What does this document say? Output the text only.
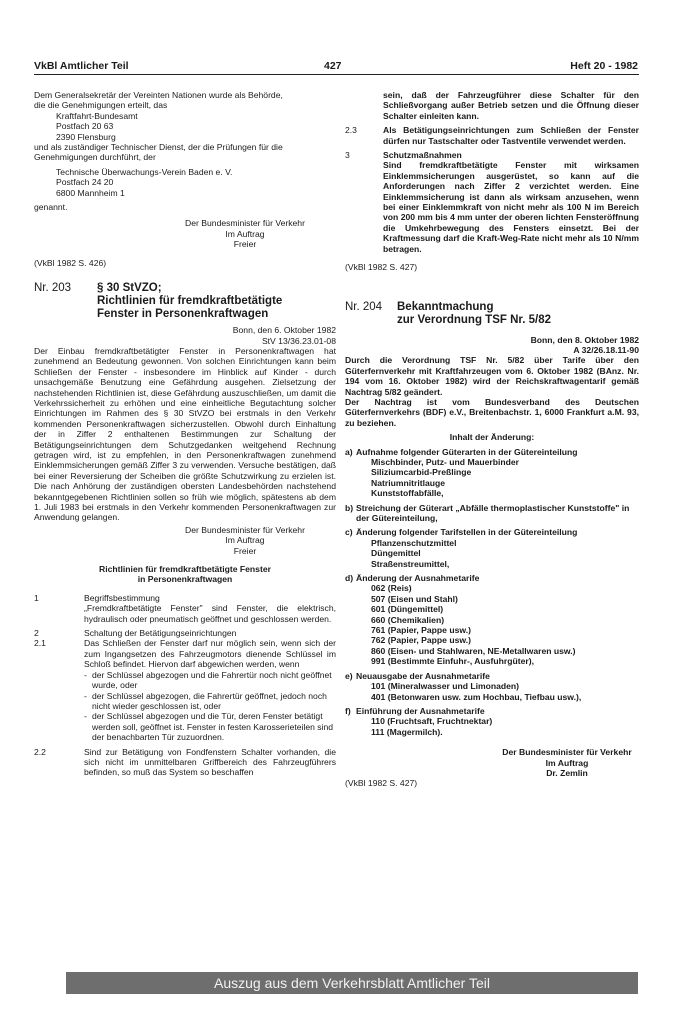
VkBl Amtlicher Teil	427	Heft 20 - 1982

Dem Generalsekretär der Vereinten Nationen wurde als Behörde,

die die Genehmigungen erteilt, das

Kraftfahrt-Bundesamt

Postfach 20 63

2390 Flensburg

und als zuständiger Technischer Dienst, der die Prüfungen für die

Genehmigungen durchführt, der

Technische Überwachungs-Verein Baden e. V.

Postfach 24 20

6800 Mannheim 1

genannt.

Der Bundesminister für Verkehr

Im Auftrag

Freier

(VkBl 1982 S. 426)

Nr. 203 § 30 StVZO;
Richtlinien für fremdkraftbetätigte
Fenster in Personenkraftwagen

Bonn, den 6. Oktober 1982

StV 13/36.23.01-08

Der Einbau fremdkraftbetätigter Fenster in Personenkraftwagen hat zunehmend an Bedeutung gewonnen. Von solchen Einrichtungen kann beim Schließen der Fenster - insbesondere im Hinblick auf Kinder - durch unsachgemäße Benutzung eine Gefährdung ausgehen. Zielsetzung der nachstehenden Richtlinien ist, diese Gefährdung auszuschließen, um damit die Verkehrssicherheit zu erhöhen und eine einheitliche Begutachtung solcher Einrichtungen im Rahmen des § 30 StVZO bei erstmals in den Verkehr kommenden Personenkraftwagen sicherzustellen. Obwohl durch Einhaltung der in Ziffer 2 enthaltenen Bestimmungen zur Schaltung der Betätigungseinrichtungen dem Schutzgedanken weitgehend Rechnung getragen wird, ist zu empfehlen, in den Personenkraftwagen zunehmend Einklemmsicherungen gemäß Ziffer 3 zu verwenden. Versuche bestätigen, daß bei einer Reversierung der Scheiben die größte Schutzwirkung zu erzielen ist. Die nach Anhörung der zuständigen obersten Landesbehörden nachstehend bekanntgegebenen Richtlinien sollen so früh wie möglich, spätestens ab dem 1. Juli 1983 bei erstmals in den Verkehr kommenden Personenkraftwagen zur Anwendung gelangen.

Der Bundesminister für Verkehr

Im Auftrag

Freier

Richtlinien für fremdkraftbetätigte Fenster

in Personenkraftwagen

1	Begriffsbestimmung

„Fremdkraftbetätigte Fenster" sind Fenster, die elektrisch, hydraulisch oder pneumatisch geöffnet und geschlossen werden.

2	Schaltung der Betätigungseinrichtungen

2.1	Das Schließen der Fenster darf nur möglich sein, wenn sich der zum Ingangsetzen des Fahrzeugmotors dienende Schlüssel im Schloß befindet. Hiervon darf abgewichen werden, wenn

- der Schlüssel abgezogen und die Fahrertür noch nicht geöffnet wurde, oder

- der Schlüssel abgezogen, die Fahrertür geöffnet, jedoch noch nicht wieder geschlossen ist, oder

- der Schlüssel abgezogen und die Tür, deren Fenster betätigt werden soll, geöffnet ist. Fenster in festen Karosserieteilen sind der benachbarten Tür zuzuordnen.

2.2	Sind zur Betätigung von Fondfenstern Schalter vorhanden, die sich nicht im unmittelbaren Griffbereich des Fahrzeugführers befinden, so muß das System so beschaffen

sein, daß der Fahrzeugführer diese Schalter für den Schließvorgang außer Betrieb setzen und die Öffnung dieser Schalter einleiten kann.

2.3	Als Betätigungseinrichtungen zum Schließen der Fenster dürfen nur Tastschalter oder Tastventile verwendet werden.

3	Schutzmaßnahmen

Sind fremdkraftbetätigte Fenster mit wirksamen Einklemmsicherungen ausgerüstet, so kann auf die Anforderungen nach Ziffer 2 verzichtet werden. Eine Einklemmsicherung ist dann als wirksam anzusehen, wenn bei einer Einklemmkraft von nicht mehr als 100 N im Bereich von 200 mm bis 4 mm unter der oberen lichten Fensteröffnung die Umkehrbewegung des Fensters einsetzt. Bei der Kraftmessung darf die Kraft-Weg-Rate nicht mehr als 10 N/mm betragen.

(VkBl 1982 S. 427)

Nr. 204 Bekanntmachung
zur Verordnung TSF Nr. 5/82

Bonn, den 8. Oktober 1982

A 32/26.18.11-90

Durch die Verordnung TSF Nr. 5/82 über Tarife über den Güterfernverkehr mit Kraftfahrzeugen vom 6. Oktober 1982 (BAnz. Nr. 194 vom 16. Oktober 1982) wird der Reichskraftwagentarif gemäß Nachtrag 5/82 geändert.

Der Nachtrag ist vom Bundesverband des Deutschen Güterfernverkehrs (BDF) e.V., Breitenbachstr. 1, 6000 Frankfurt a.M. 93, zu beziehen.

Inhalt der Änderung:

a) Aufnahme folgender Güterarten in der Gütereinteilung

Mischbinder, Putz- und Mauerbinder

Siliziumcarbid-Preßlinge

Natriumnitritlauge

Kunststoffabfälle,

b) Streichung der Güterart „Abfälle thermoplastischer Kunststoffe" in der Gütereinteilung,

c) Änderung folgender Tarifstellen in der Gütereinteilung

Pflanzenschutzmittel

Düngemittel

Straßenstreumittel,

d) Änderung der Ausnahmetarife

062 (Reis)

507 (Eisen und Stahl)

601 (Düngemittel)

660 (Chemikalien)

761 (Papier, Pappe usw.)

762 (Papier, Pappe usw.)

860 (Eisen- und Stahlwaren, NE-Metallwaren usw.)

991 (Bestimmte Einfuhr-, Ausfuhrgüter),

e) Neuausgabe der Ausnahmetarife

101 (Mineralwasser und Limonaden)

401 (Betonwaren usw. zum Hochbau, Tiefbau usw.),

f) Einführung der Ausnahmetarife

110 (Fruchtsaft, Fruchtnektar)

111 (Magermilch).

Der Bundesminister für Verkehr

Im Auftrag

Dr. Zemlin

(VkBl 1982 S. 427)

Auszug aus dem Verkehrsblatt Amtlicher Teil
